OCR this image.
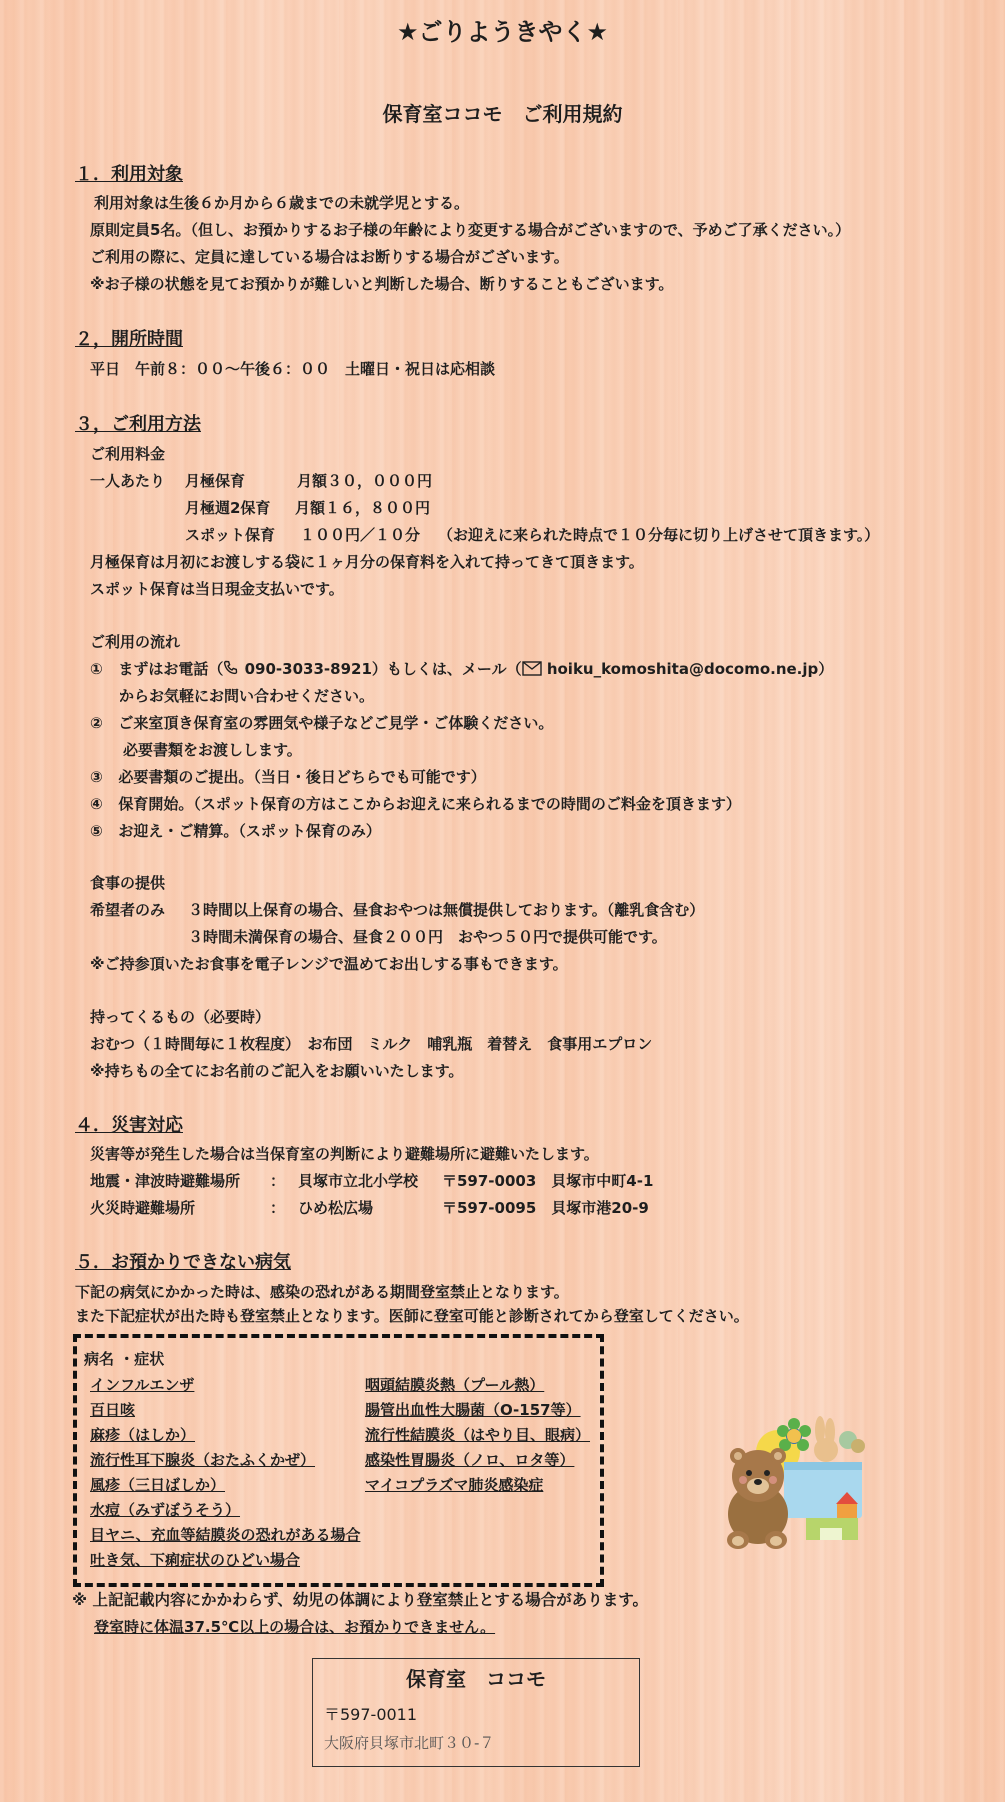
★ごりようきやく★
保育室ココモ　ご利用規約
１．利用対象
利用対象は生後６か月から６歳までの未就学児とする。
原則定員5名。（但し、お預かりするお子様の年齢により変更する場合がございますので、予めご了承ください。）
ご利用の際に、定員に達している場合はお断りする場合がございます。
※お子様の状態を見てお預かりが難しいと判断した場合、断りすることもございます。
２，開所時間
平日　午前８：００～午後６：００　土曜日・祝日は応相談
３，ご利用方法
ご利用料金
一人あたり 月極保育	月額３０，０００円
月極週2保育 月額１６，８００円
スポット保育 １００円／１０分 （お迎えに来られた時点で１０分毎に切り上げさせて頂きます。）
月極保育は月初にお渡しする袋に１ヶ月分の保育料を入れて持ってきて頂きます。
スポット保育は当日現金支払いです。
ご利用の流れ
① まずはお電話（ 090-3033-8921）もしくは、メール（ hoiku_komoshita@docomo.ne.jp）
からお気軽にお問い合わせください。
② ご来室頂き保育室の雰囲気や様子などご見学・ご体験ください。
必要書類をお渡しします。
③ 必要書類のご提出。（当日・後日どちらでも可能です）
④ 保育開始。（スポット保育の方はここからお迎えに来られるまでの時間のご料金を頂きます）
⑤ お迎え・ご精算。（スポット保育のみ）
食事の提供
希望者のみ ３時間以上保育の場合、昼食おやつは無償提供しております。（離乳食含む）
３時間未満保育の場合、昼食２００円　おやつ５０円で提供可能です。
※ご持参頂いたお食事を電子レンジで温めてお出しする事もできます。
持ってくるもの（必要時）
おむつ（１時間毎に１枚程度）　お布団　ミルク　哺乳瓶　着替え　食事用エプロン
※持ちもの全てにお名前のご記入をお願いいたします。
４．災害対応
災害等が発生した場合は当保育室の判断により避難場所に避難いたします。
地震・津波時避難場所 ： 貝塚市立北小学校 〒597-0003　貝塚市中町4-1
火災時避難場所	： ひめ松広場	〒597-0095　貝塚市港20-9
５．お預かりできない病気
下記の病気にかかった時は、感染の恐れがある期間登室禁止となります。
また下記症状が出た時も登室禁止となります。医師に登室可能と診断されてから登室してください。
病名 ・症状
インフルエンザ
百日咳
麻疹（はしか）
流行性耳下腺炎（おたふくかぜ）
風疹（三日ばしか）
水痘（みずぼうそう）
目ヤニ、充血等結膜炎の恐れがある場合
吐き気、下痢症状のひどい場合
咽頭結膜炎熱（プール熱）
腸管出血性大腸菌（O-157等）
流行性結膜炎（はやり目、眼病）
感染性胃腸炎（ノロ、ロタ等）
マイコプラズマ肺炎感染症
※ 上記記載内容にかかわらず、幼児の体調により登室禁止とする場合があります。
登室時に体温37.5℃以上の場合は、お預かりできません。
保育室　ココモ
〒597-0011
大阪府貝塚市北町３０-７
